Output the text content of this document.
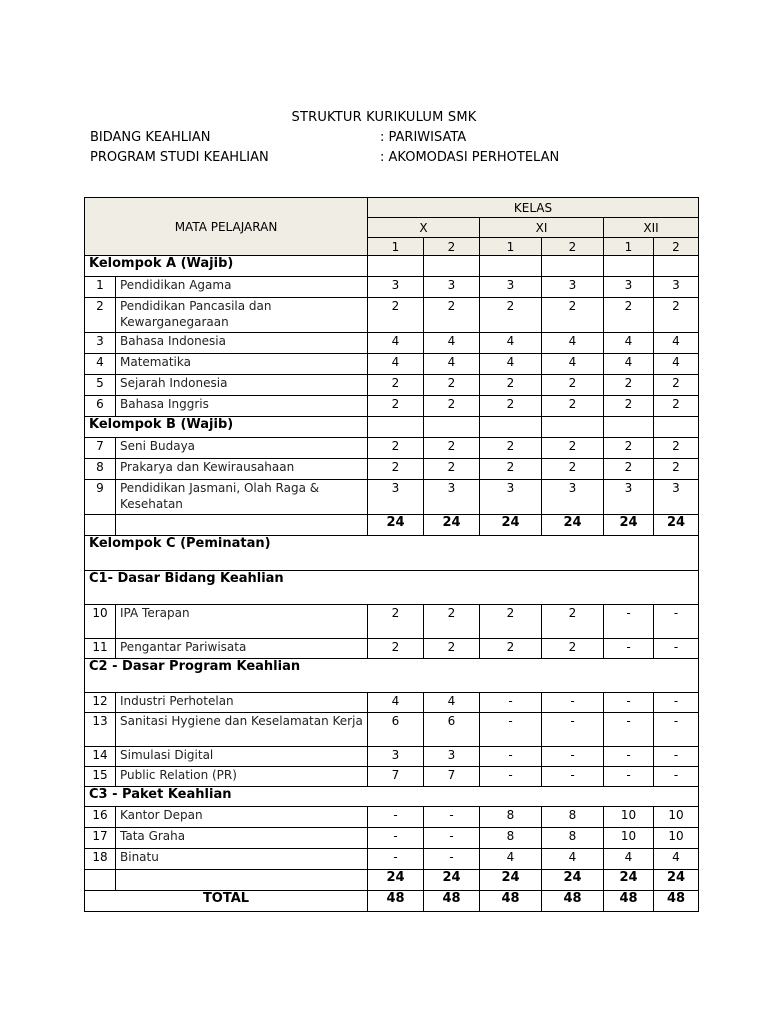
STRUKTUR KURIKULUM SMK
BIDANG KEAHLIAN	: PARIWISATA
PROGRAM STUDI KEAHLIAN	: AKOMODASI PERHOTELAN
MATA PELAJARAN		KELAS					
		X		XI		XII	
		1	2	1	2	1	2
Kelompok A (Wajib)							
1	Pendidikan Agama	3	3	3	3	3	3
2	Pendidikan Pancasila dan Kewarganegaraan	2	2	2	2	2	2
3	Bahasa Indonesia	4	4	4	4	4	4
4	Matematika	4	4	4	4	4	4
5	Sejarah Indonesia	2	2	2	2	2	2
6	Bahasa Inggris	2	2	2	2	2	2
Kelompok B (Wajib)							
7	Seni Budaya	2	2	2	2	2	2
8	Prakarya dan Kewirausahaan	2	2	2	2	2	2
9	Pendidikan Jasmani, Olah Raga & Kesehatan	3	3	3	3	3	3
		24	24	24	24	24	24
Kelompok C (Peminatan)							
C1- Dasar Bidang Keahlian							
10	IPA Terapan	2	2	2	2	-	-
11	Pengantar Pariwisata	2	2	2	2	-	-
C2 - Dasar Program Keahlian							
12	Industri Perhotelan	4	4	-	-	-	-
13	Sanitasi Hygiene dan Keselamatan Kerja	6	6	-	-	-	-
14	Simulasi Digital	3	3	-	-	-	-
15	Public Relation (PR)	7	7	-	-	-	-
C3 - Paket Keahlian							
16	Kantor Depan	-	-	8	8	10	10
17	Tata Graha	-	-	8	8	10	10
18	Binatu	-	-	4	4	4	4
		24	24	24	24	24	24
TOTAL		48	48	48	48	48	48
